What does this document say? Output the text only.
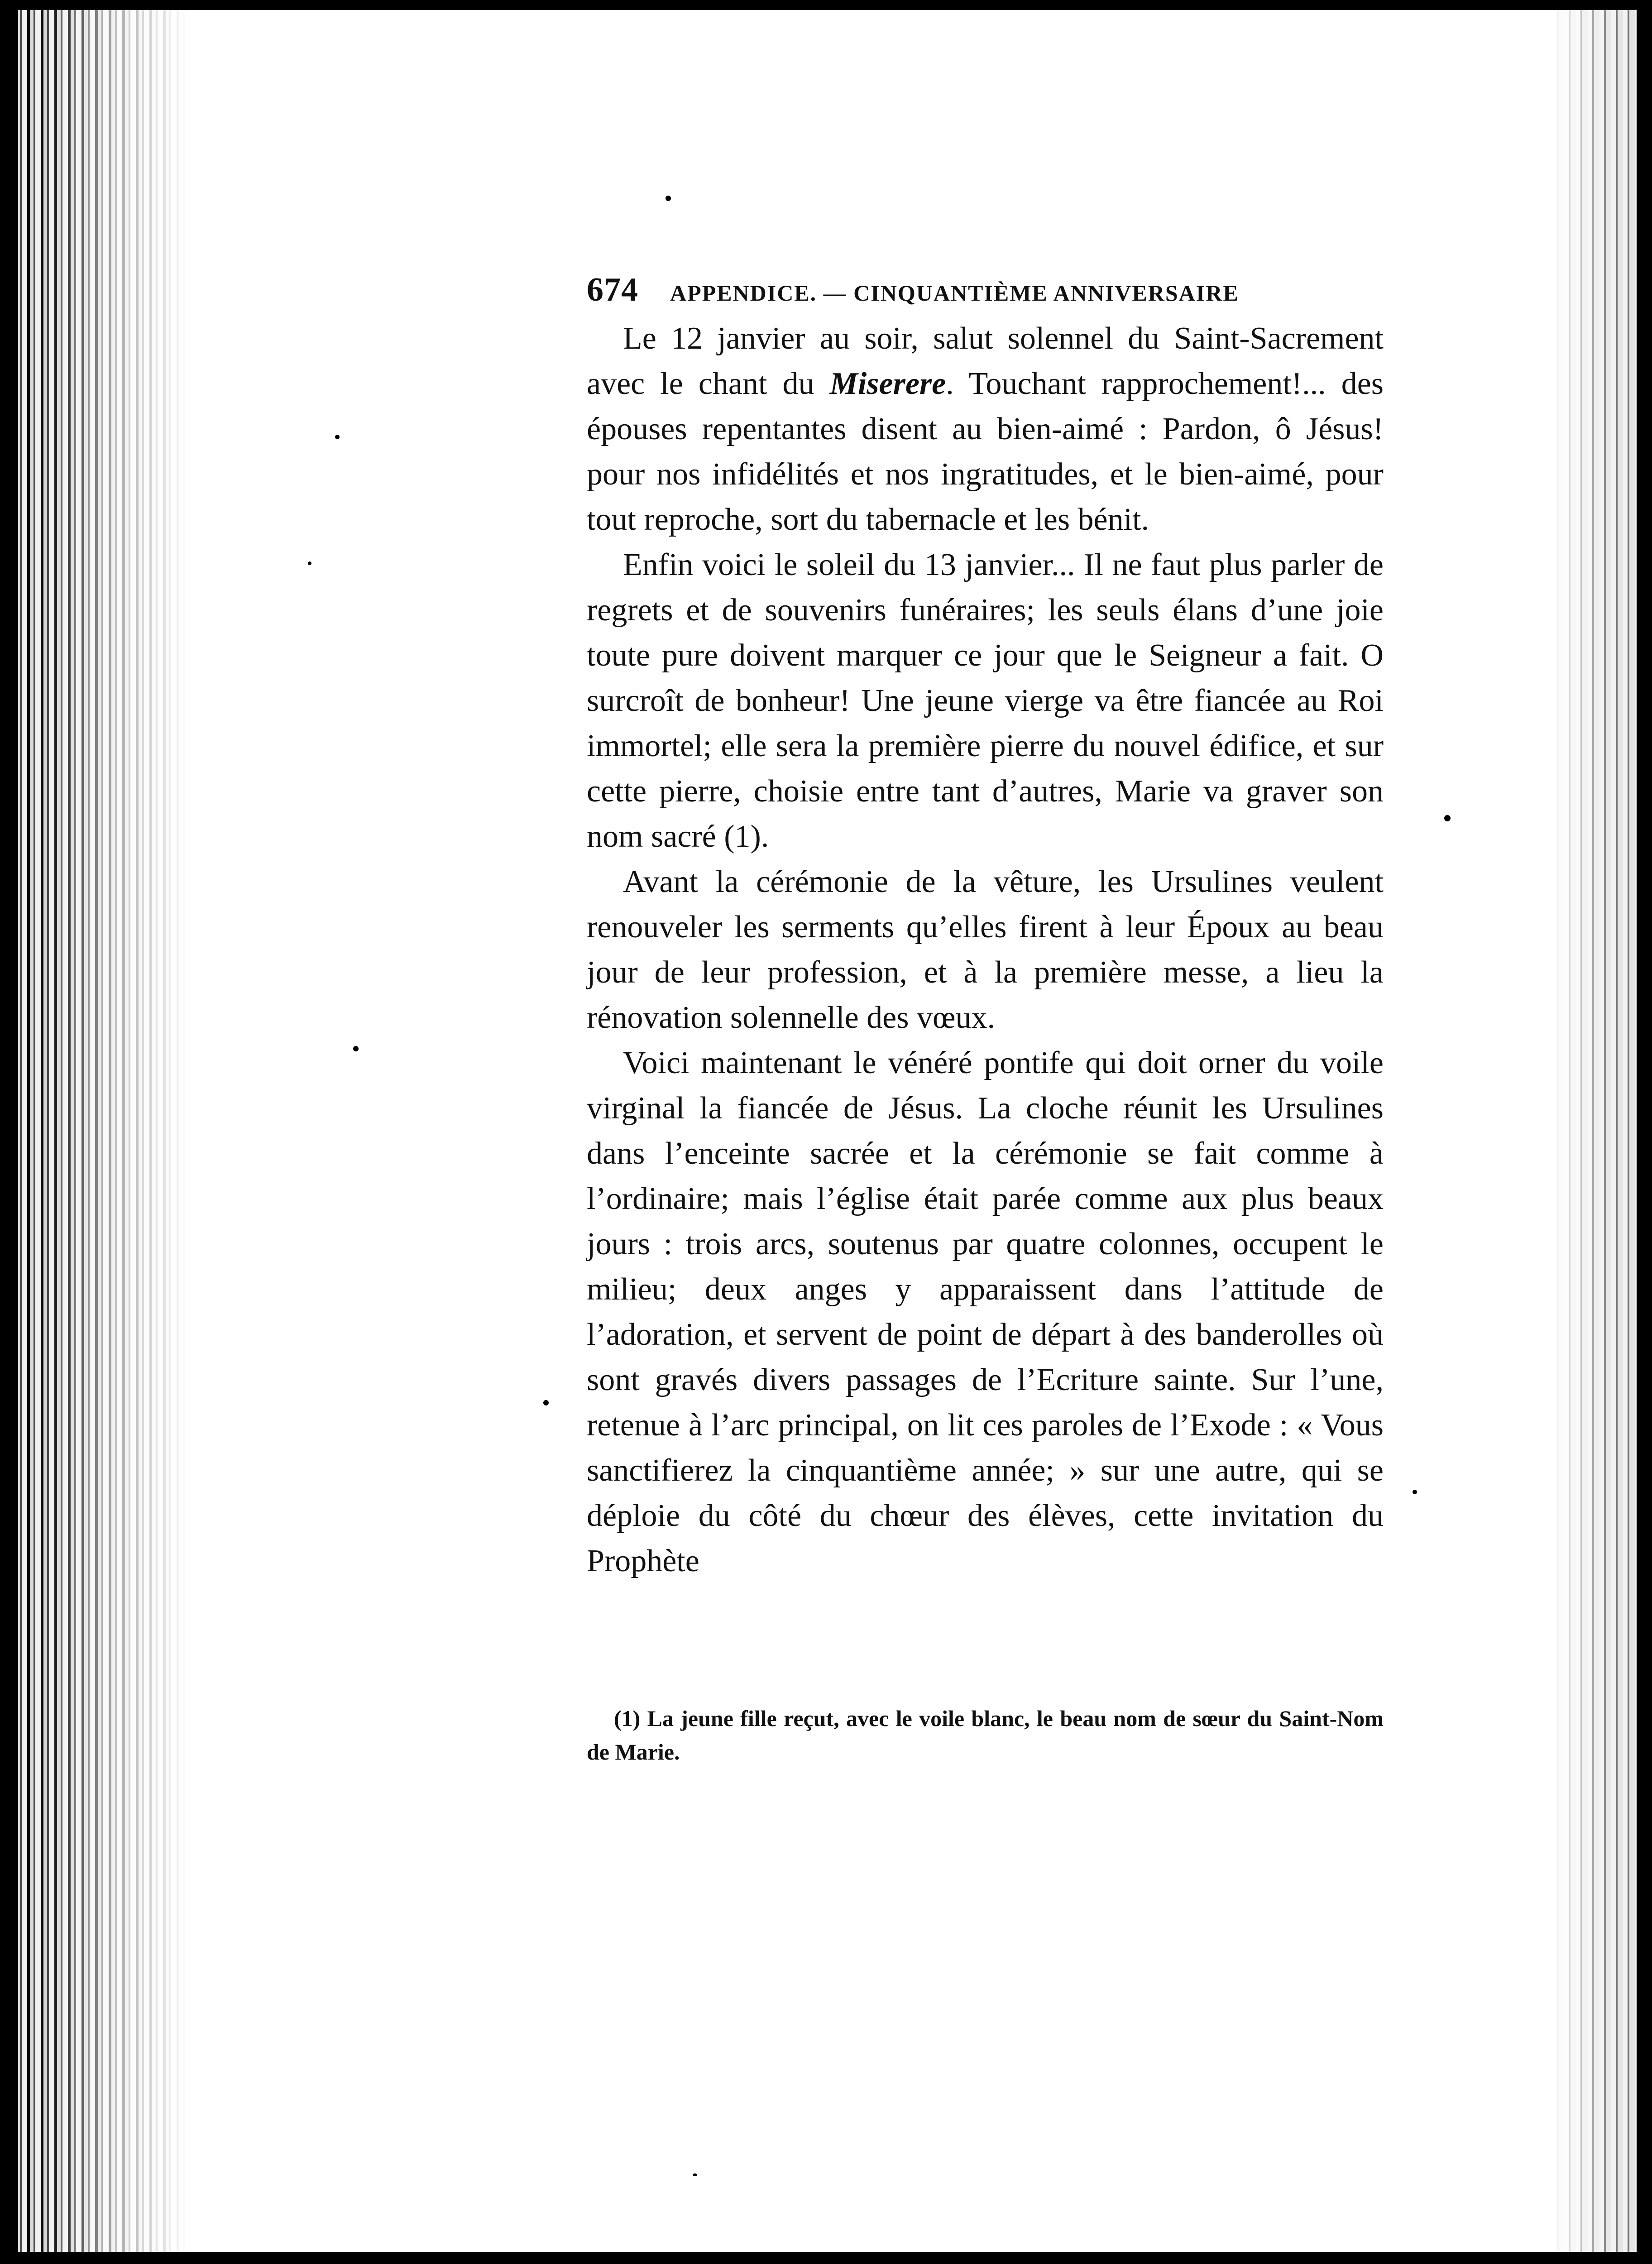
674 APPENDICE. — CINQUANTIÈME ANNIVERSAIRE

Le 12 janvier au soir, salut solennel du Saint-Sacrement avec le chant du Miserere. Touchant rapprochement!... des épouses repentantes disent au bien-aimé : Pardon, ô Jésus! pour nos infidélités et nos ingratitudes, et le bien-aimé, pour tout reproche, sort du tabernacle et les bénit.

Enfin voici le soleil du 13 janvier... Il ne faut plus parler de regrets et de souvenirs funéraires; les seuls élans d’une joie toute pure doivent marquer ce jour que le Seigneur a fait. O surcroît de bonheur! Une jeune vierge va être fiancée au Roi immortel; elle sera la première pierre du nouvel édifice, et sur cette pierre, choisie entre tant d’autres, Marie va graver son nom sacré (1).

Avant la cérémonie de la vêture, les Ursulines veulent renouveler les serments qu’elles firent à leur Époux au beau jour de leur profession, et à la première messe, a lieu la rénovation solennelle des vœux.

Voici maintenant le vénéré pontife qui doit orner du voile virginal la fiancée de Jésus. La cloche réunit les Ursulines dans l’enceinte sacrée et la cérémonie se fait comme à l’ordinaire; mais l’église était parée comme aux plus beaux jours : trois arcs, soutenus par quatre colonnes, occupent le milieu; deux anges y apparaissent dans l’attitude de l’adoration, et servent de point de départ à des banderolles où sont gravés divers passages de l’Ecriture sainte. Sur l’une, retenue à l’arc principal, on lit ces paroles de l’Exode : « Vous sanctifierez la cinquantième année; » sur une autre, qui se déploie du côté du chœur des élèves, cette invitation du Prophète

(1) La jeune fille reçut, avec le voile blanc, le beau nom de sœur du Saint-Nom de Marie.
